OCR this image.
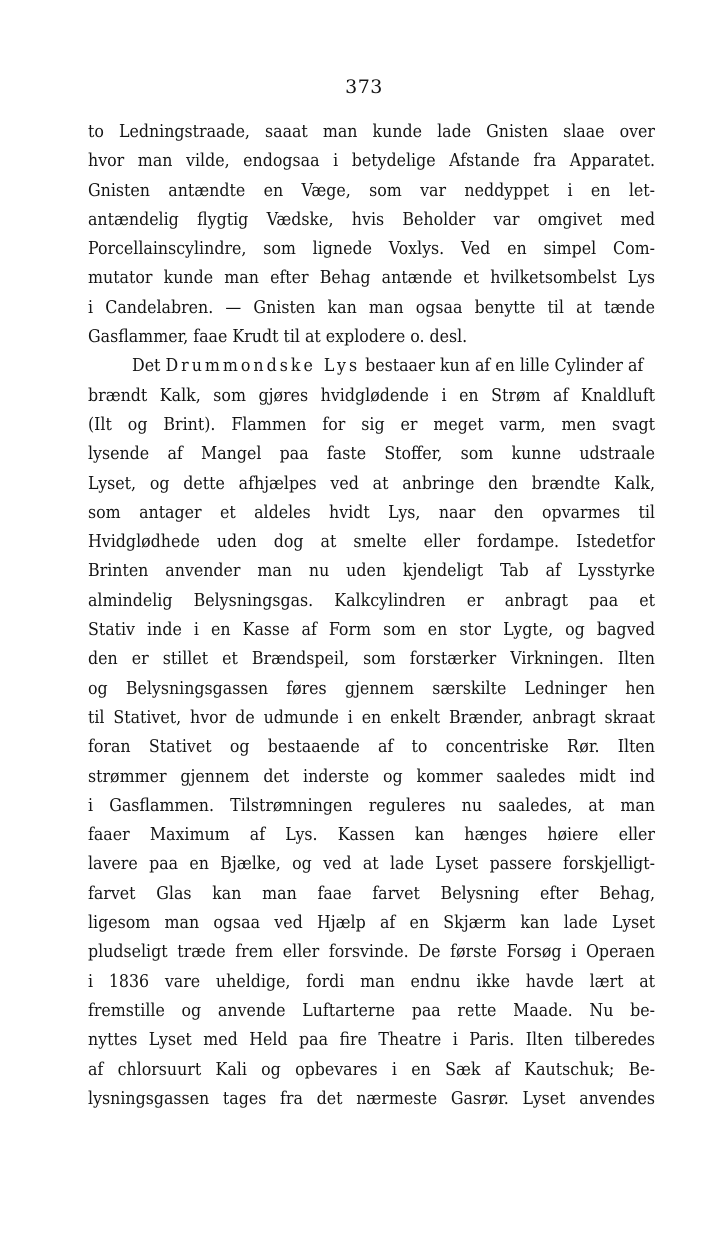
373
to Ledningstraade, saaat man kunde lade Gnisten slaae over
hvor man vilde, endogsaa i betydelige Afstande fra Apparatet.
Gnisten antændte en Væge, som var neddyppet i en let-
antændelig flygtig Vædske, hvis Beholder var omgivet med
Porcellainscylindre, som lignede Voxlys. Ved en simpel Com-
mutator kunde man efter Behag antænde et hvilketsombelst Lys
i Candelabren. — Gnisten kan man ogsaa benytte til at tænde
Gasflammer, faae Krudt til at explodere o. desl.
Det Drummondske Lys bestaaer kun af en lille Cylinder af
brændt Kalk, som gjøres hvidglødende i en Strøm af Knaldluft
(Ilt og Brint). Flammen for sig er meget varm, men svagt
lysende af Mangel paa faste Stoffer, som kunne udstraale
Lyset, og dette afhjælpes ved at anbringe den brændte Kalk,
som antager et aldeles hvidt Lys, naar den opvarmes til
Hvidglødhede uden dog at smelte eller fordampe. Istedetfor
Brinten anvender man nu uden kjendeligt Tab af Lysstyrke
almindelig Belysningsgas. Kalkcylindren er anbragt paa et
Stativ inde i en Kasse af Form som en stor Lygte, og bagved
den er stillet et Brændspeil, som forstærker Virkningen. Ilten
og Belysningsgassen føres gjennem særskilte Ledninger hen
til Stativet, hvor de udmunde i en enkelt Brænder, anbragt skraat
foran Stativet og bestaaende af to concentriske Rør. Ilten
strømmer gjennem det inderste og kommer saaledes midt ind
i Gasflammen. Tilstrømningen reguleres nu saaledes, at man
faaer Maximum af Lys. Kassen kan hænges høiere eller
lavere paa en Bjælke, og ved at lade Lyset passere forskjelligt-
farvet Glas kan man faae farvet Belysning efter Behag,
ligesom man ogsaa ved Hjælp af en Skjærm kan lade Lyset
pludseligt træde frem eller forsvinde. De første Forsøg i Operaen
i 1836 vare uheldige, fordi man endnu ikke havde lært at
fremstille og anvende Luftarterne paa rette Maade. Nu be-
nyttes Lyset med Held paa fire Theatre i Paris. Ilten tilberedes
af chlorsuurt Kali og opbevares i en Sæk af Kautschuk; Be-
lysningsgassen tages fra det nærmeste Gasrør. Lyset anvendes
